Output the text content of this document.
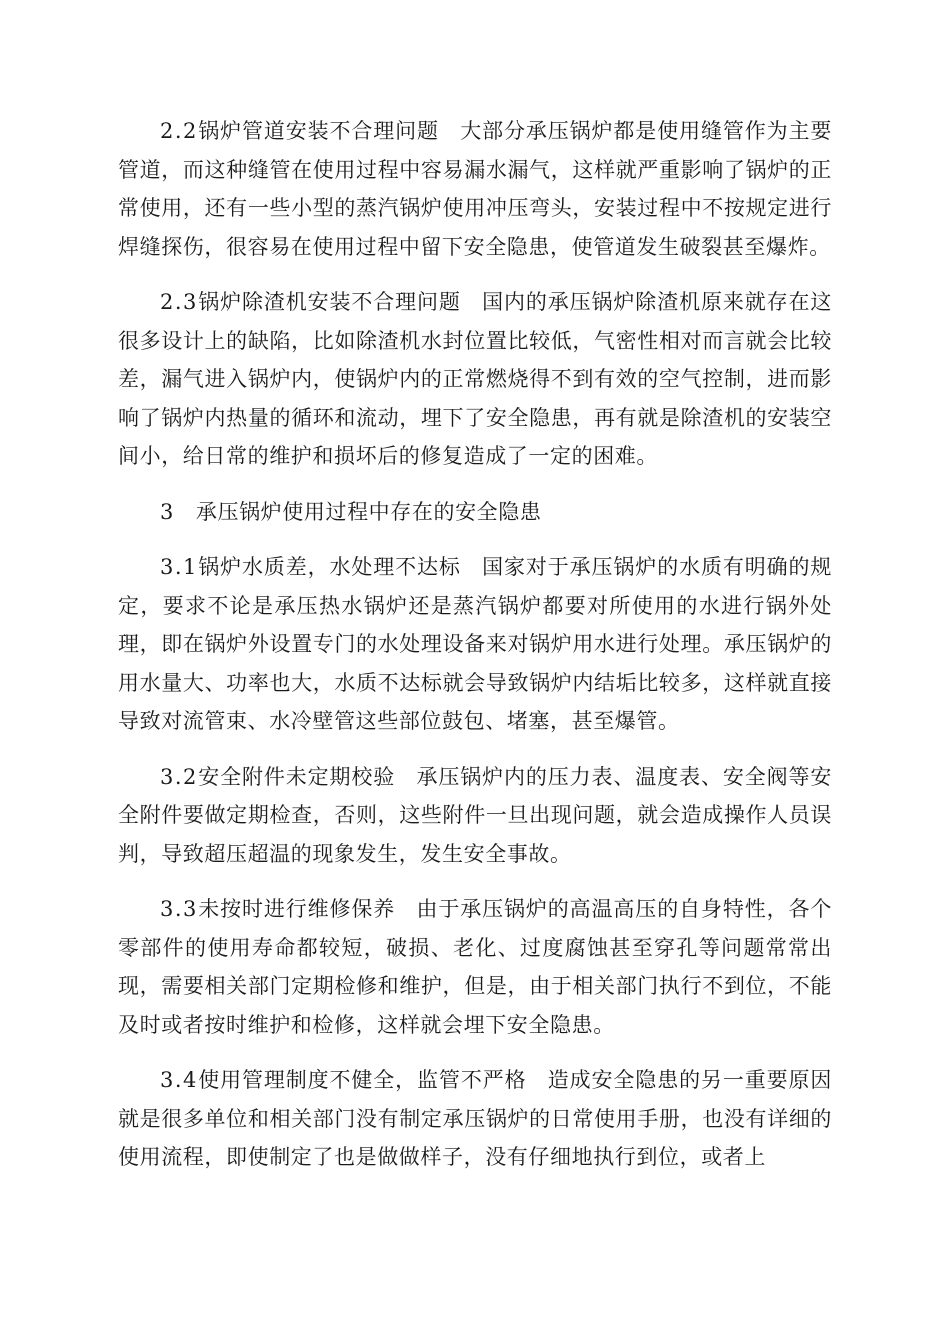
2.2锅炉管道安装不合理问题 大部分承压锅炉都是使用缝管作为主要管道，而这种缝管在使用过程中容易漏水漏气，这样就严重影响了锅炉的正常使用，还有一些小型的蒸汽锅炉使用冲压弯头，安装过程中不按规定进行焊缝探伤，很容易在使用过程中留下安全隐患，使管道发生破裂甚至爆炸。

2.3锅炉除渣机安装不合理问题 国内的承压锅炉除渣机原来就存在这很多设计上的缺陷，比如除渣机水封位置比较低，气密性相对而言就会比较差，漏气进入锅炉内，使锅炉内的正常燃烧得不到有效的空气控制，进而影响了锅炉内热量的循环和流动，埋下了安全隐患，再有就是除渣机的安装空间小，给日常的维护和损坏后的修复造成了一定的困难。

3 承压锅炉使用过程中存在的安全隐患

3.1锅炉水质差，水处理不达标 国家对于承压锅炉的水质有明确的规定，要求不论是承压热水锅炉还是蒸汽锅炉都要对所使用的水进行锅外处理，即在锅炉外设置专门的水处理设备来对锅炉用水进行处理。承压锅炉的用水量大、功率也大，水质不达标就会导致锅炉内结垢比较多，这样就直接导致对流管束、水冷壁管这些部位鼓包、堵塞，甚至爆管。

3.2安全附件未定期校验 承压锅炉内的压力表、温度表、安全阀等安全附件要做定期检查，否则，这些附件一旦出现问题，就会造成操作人员误判，导致超压超温的现象发生，发生安全事故。

3.3未按时进行维修保养 由于承压锅炉的高温高压的自身特性，各个零部件的使用寿命都较短，破损、老化、过度腐蚀甚至穿孔等问题常常出现，需要相关部门定期检修和维护，但是，由于相关部门执行不到位，不能及时或者按时维护和检修，这样就会埋下安全隐患。

3.4使用管理制度不健全，监管不严格 造成安全隐患的另一重要原因就是很多单位和相关部门没有制定承压锅炉的日常使用手册，也没有详细的使用流程，即使制定了也是做做样子，没有仔细地执行到位，或者上
